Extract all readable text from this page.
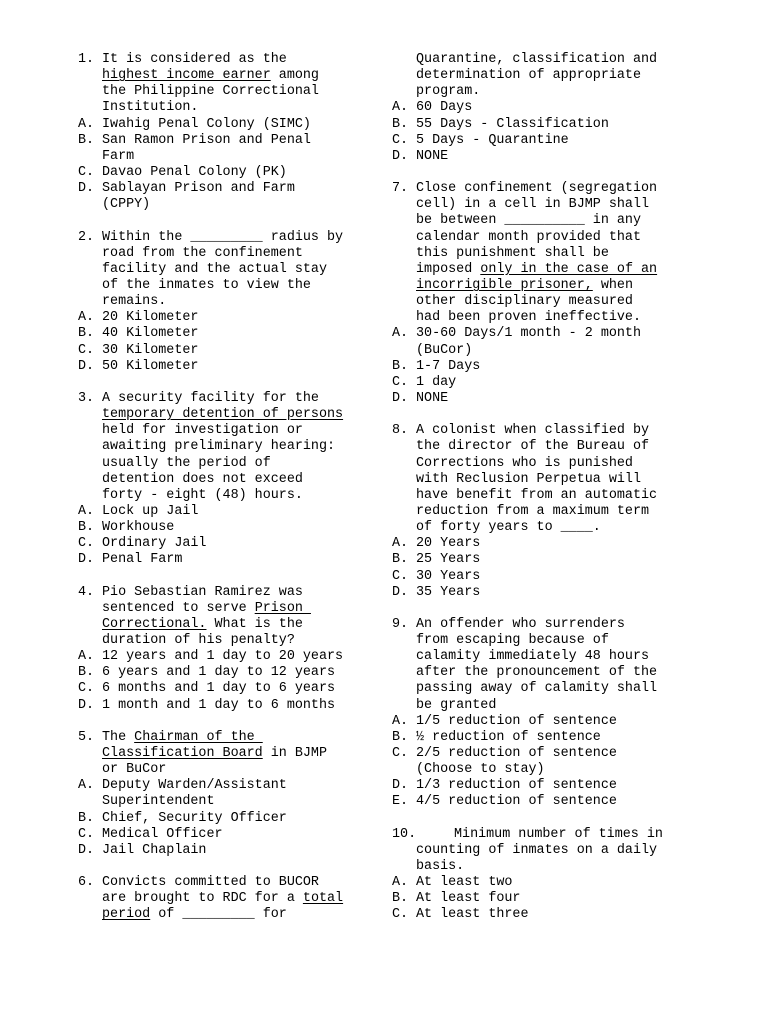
1. It is considered as the
highest income earner among
the Philippine Correctional
Institution.
A. Iwahig Penal Colony (SIMC)
B. San Ramon Prison and Penal
Farm
C. Davao Penal Colony (PK)
D. Sablayan Prison and Farm
(CPPY)
2. Within the _________ radius by
road from the confinement
facility and the actual stay
of the inmates to view the
remains.
A. 20 Kilometer
B. 40 Kilometer
C. 30 Kilometer
D. 50 Kilometer
3. A security facility for the
temporary detention of persons
held for investigation or
awaiting preliminary hearing:
usually the period of
detention does not exceed
forty - eight (48) hours.
A. Lock up Jail
B. Workhouse
C. Ordinary Jail
D. Penal Farm
4. Pio Sebastian Ramirez was
sentenced to serve Prison
Correctional. What is the
duration of his penalty?
A. 12 years and 1 day to 20 years
B. 6 years and 1 day to 12 years
C. 6 months and 1 day to 6 years
D. 1 month and 1 day to 6 months
5. The Chairman of the
Classification Board in BJMP
or BuCor
A. Deputy Warden/Assistant
Superintendent
B. Chief, Security Officer
C. Medical Officer
D. Jail Chaplain
6. Convicts committed to BUCOR
are brought to RDC for a total
period of _________ for
Quarantine, classification and
determination of appropriate
program.
A. 60 Days
B. 55 Days - Classification
C. 5 Days - Quarantine
D. NONE
7. Close confinement (segregation
cell) in a cell in BJMP shall
be between __________ in any
calendar month provided that
this punishment shall be
imposed only in the case of an
incorrigible prisoner, when
other disciplinary measured
had been proven ineffective.
A. 30-60 Days/1 month - 2 month
(BuCor)
B. 1-7 Days
C. 1 day
D. NONE
8. A colonist when classified by
the director of the Bureau of
Corrections who is punished
with Reclusion Perpetua will
have benefit from an automatic
reduction from a maximum term
of forty years to ____.
A. 20 Years
B. 25 Years
C. 30 Years
D. 35 Years
9. An offender who surrenders
from escaping because of
calamity immediately 48 hours
after the pronouncement of the
passing away of calamity shall
be granted
A. 1/5 reduction of sentence
B. ½ reduction of sentence
C. 2/5 reduction of sentence
(Choose to stay)
D. 1/3 reduction of sentence
E. 4/5 reduction of sentence
10.	Minimum number of times in
counting of inmates on a daily
basis.
A. At least two
B. At least four
C. At least three
